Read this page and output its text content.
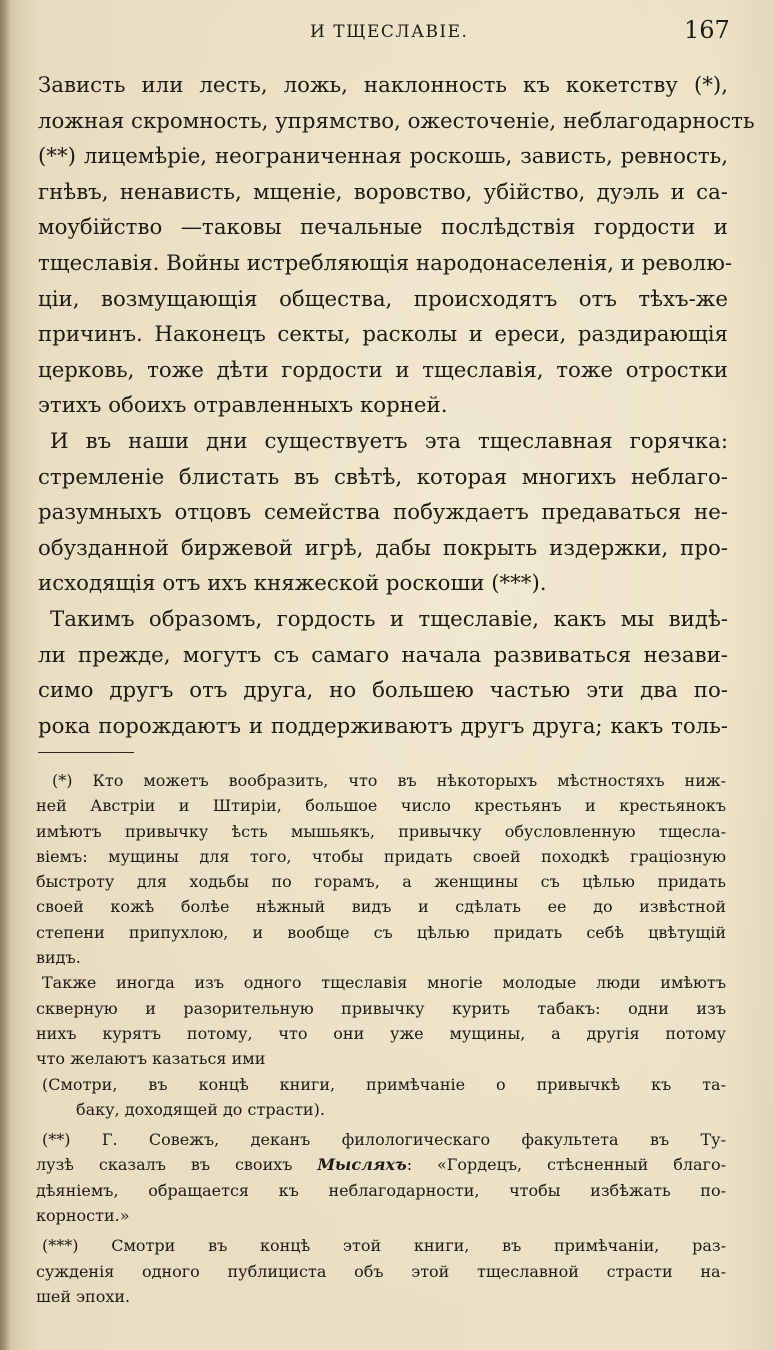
И ТЩЕСЛАВІЕ.	167
Зависть или лесть, ложь, наклонность къ кокетству (*),
ложная скромность, упрямство, ожесточеніе, неблагодарность
(**) лицемѣріе, неограниченная роскошь, зависть, ревность,
гнѣвъ, ненависть, мщеніе, воровство, убійство, дуэль и са-
моубійство —таковы печальные послѣдствія гордости и
тщеславія. Войны истребляющія народонаселенія, и револю-
ціи, возмущающія общества, происходятъ отъ тѣхъ-же
причинъ. Наконецъ секты, расколы и ереси, раздирающія
церковь, тоже дѣти гордости и тщеславія, тоже отростки
этихъ обоихъ отравленныхъ корней.
И въ наши дни существуетъ эта тщеславная горячка:
стремленіе блистать въ свѣтѣ, которая многихъ неблаго-
разумныхъ отцовъ семейства побуждаетъ предаваться не-
обузданной биржевой игрѣ, дабы покрыть издержки, про-
исходящія отъ ихъ княжеской роскоши (***).
Такимъ образомъ, гордость и тщеславіе, какъ мы видѣ-
ли прежде, могутъ съ самаго начала развиваться незави-
симо другъ отъ друга, но большею частью эти два по-
рока порождаютъ и поддерживаютъ другъ друга; какъ толь-
(*) Кто можетъ вообразить, что въ нѣкоторыхъ мѣстностяхъ ниж-
ней Австріи и Штиріи, большое число крестьянъ и крестьянокъ
имѣютъ привычку ѣсть мышьякъ, привычку обусловленную тщесла-
віемъ: мущины для того, чтобы придать своей походкѣ граціозную
быстроту для ходьбы по горамъ, а женщины съ цѣлью придать
своей кожѣ болѣе нѣжный видъ и сдѣлать ее до извѣстной
степени припухлою, и вообще съ цѣлью придать себѣ цвѣтущій
видъ.
Также иногда изъ одного тщеславія многіе молодые люди имѣютъ
скверную и разорительную привычку курить табакъ: одни изъ
нихъ курятъ потому, что они уже мущины, а другія потому
что желаютъ казаться ими
(Смотри, въ концѣ книги, примѣчаніе о привычкѣ къ та-
баку, доходящей до страсти).
(**) Г. Совежъ, деканъ филологическаго факультета въ Ту-
лузѣ сказалъ въ своихъ Мысляхъ: «Гордецъ, стѣсненный благо-
дѣяніемъ, обращается къ неблагодарности, чтобы избѣжать по-
корности.»
(***) Смотри въ концѣ этой книги, въ примѣчаніи, раз-
сужденія одного публициста объ этой тщеславной страсти на-
шей эпохи.
